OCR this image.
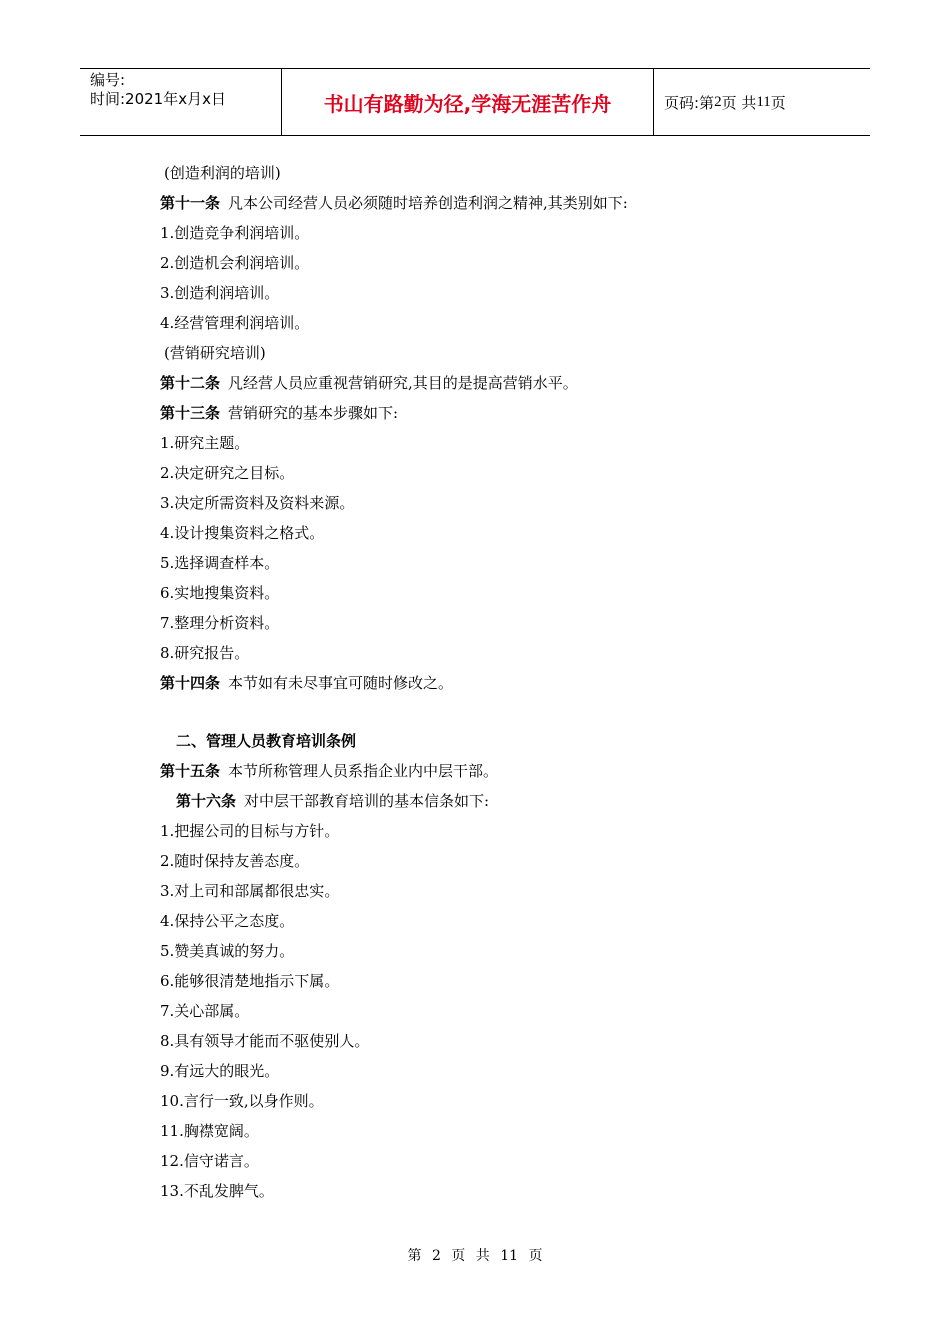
编号:
时间:2021年x月x日	书山有路勤为径,学海无涯苦作舟	页码:第 2 页 共 11 页
(创造利润的培训)
第十一条 凡本公司经营人员必须随时培养创造利润之精神,其类别如下:
1.创造竞争利润培训。
2.创造机会利润培训。
3.创造利润培训。
4.经营管理利润培训。
(营销研究培训)
第十二条 凡经营人员应重视营销研究,其目的是提高营销水平。
第十三条 营销研究的基本步骤如下:
1.研究主题。
2.决定研究之目标。
3.决定所需资料及资料来源。
4.设计搜集资料之格式。
5.选择调查样本。
6.实地搜集资料。
7.整理分析资料。
8.研究报告。
第十四条 本节如有未尽事宜可随时修改之。
二、管理人员教育培训条例
第十五条 本节所称管理人员系指企业内中层干部。
第十六条 对中层干部教育培训的基本信条如下:
1.把握公司的目标与方针。
2.随时保持友善态度。
3.对上司和部属都很忠实。
4.保持公平之态度。
5.赞美真诚的努力。
6.能够很清楚地指示下属。
7.关心部属。
8.具有领导才能而不驱使别人。
9.有远大的眼光。
10.言行一致,以身作则。
11.胸襟宽阔。
12.信守诺言。
13.不乱发脾气。
第 2 页 共 11 页
